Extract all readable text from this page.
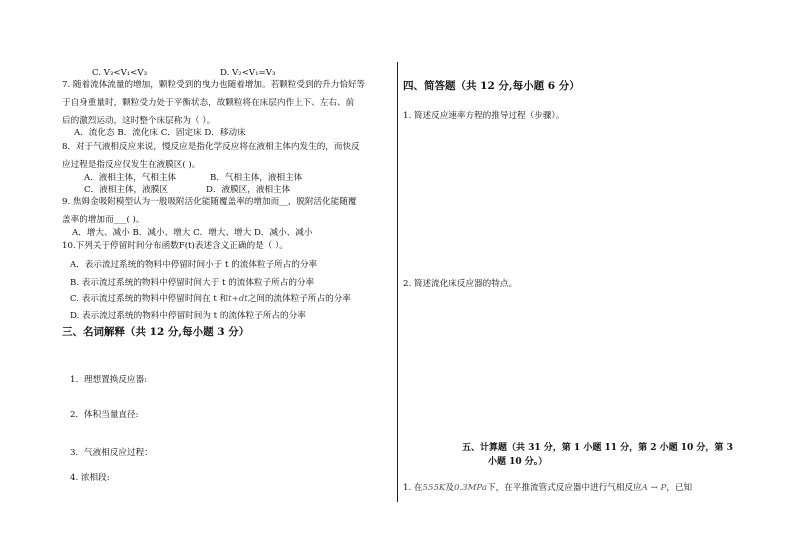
C. V₂<V₁<V₃	D. V₂<V₁=V₃
7. 随着流体流量的增加，颗粒受到的曳力也随着增加。若颗粒受到的升力恰好等
于自身重量时，颗粒受力处于平衡状态，故颗粒将在床层内作上下、左右、前
后的激烈运动，这时整个床层称为（ ）。
A．流化态 B．流化床 C．固定床 D．移动床
8．对于气液相反应来说，慢反应是指化学反应将在液相主体内发生的，而快反
应过程是指反应仅发生在液膜区( )。
A．液相主体，气相主体	B．气相主体，液相主体
C．液相主体，液膜区	D．液膜区，液相主体
9. 焦姆金吸附模型认为一般吸附活化能随覆盖率的增加而__，脱附活化能随覆
盖率的增加而___( )。
A．增大、减小 B．减小、增大 C．增大、增大 D．减小、减小
10.下列关于停留时间分布函数F(t)表述含义正确的是（ ）。
A．表示流过系统的物料中停留时间小于 t 的流体粒子所占的分率
B. 表示流过系统的物料中停留时间大于 t 的流体粒子所占的分率
C. 表示流过系统的物料中停留时间在 t 和t+dt之间的流体粒子所占的分率
D. 表示流过系统的物料中停留时间为 t 的流体粒子所占的分率
三、名词解释（共 12 分,每小题 3 分）
1．理想置换反应器:
2．体积当量直径:
3．气液相反应过程：
4. 浓相段:
四、简答题（共 12 分,每小题 6 分）
1. 简述反应速率方程的推导过程（步骤）。
2. 简述流化床反应器的特点。
五、计算题（共 31 分，第 1 小题 11 分，第 2 小题 10 分，第 3
小题 10 分。）
1. 在555K及0.3MPa下，在平推流管式反应器中进行气相反应A → P，已知
